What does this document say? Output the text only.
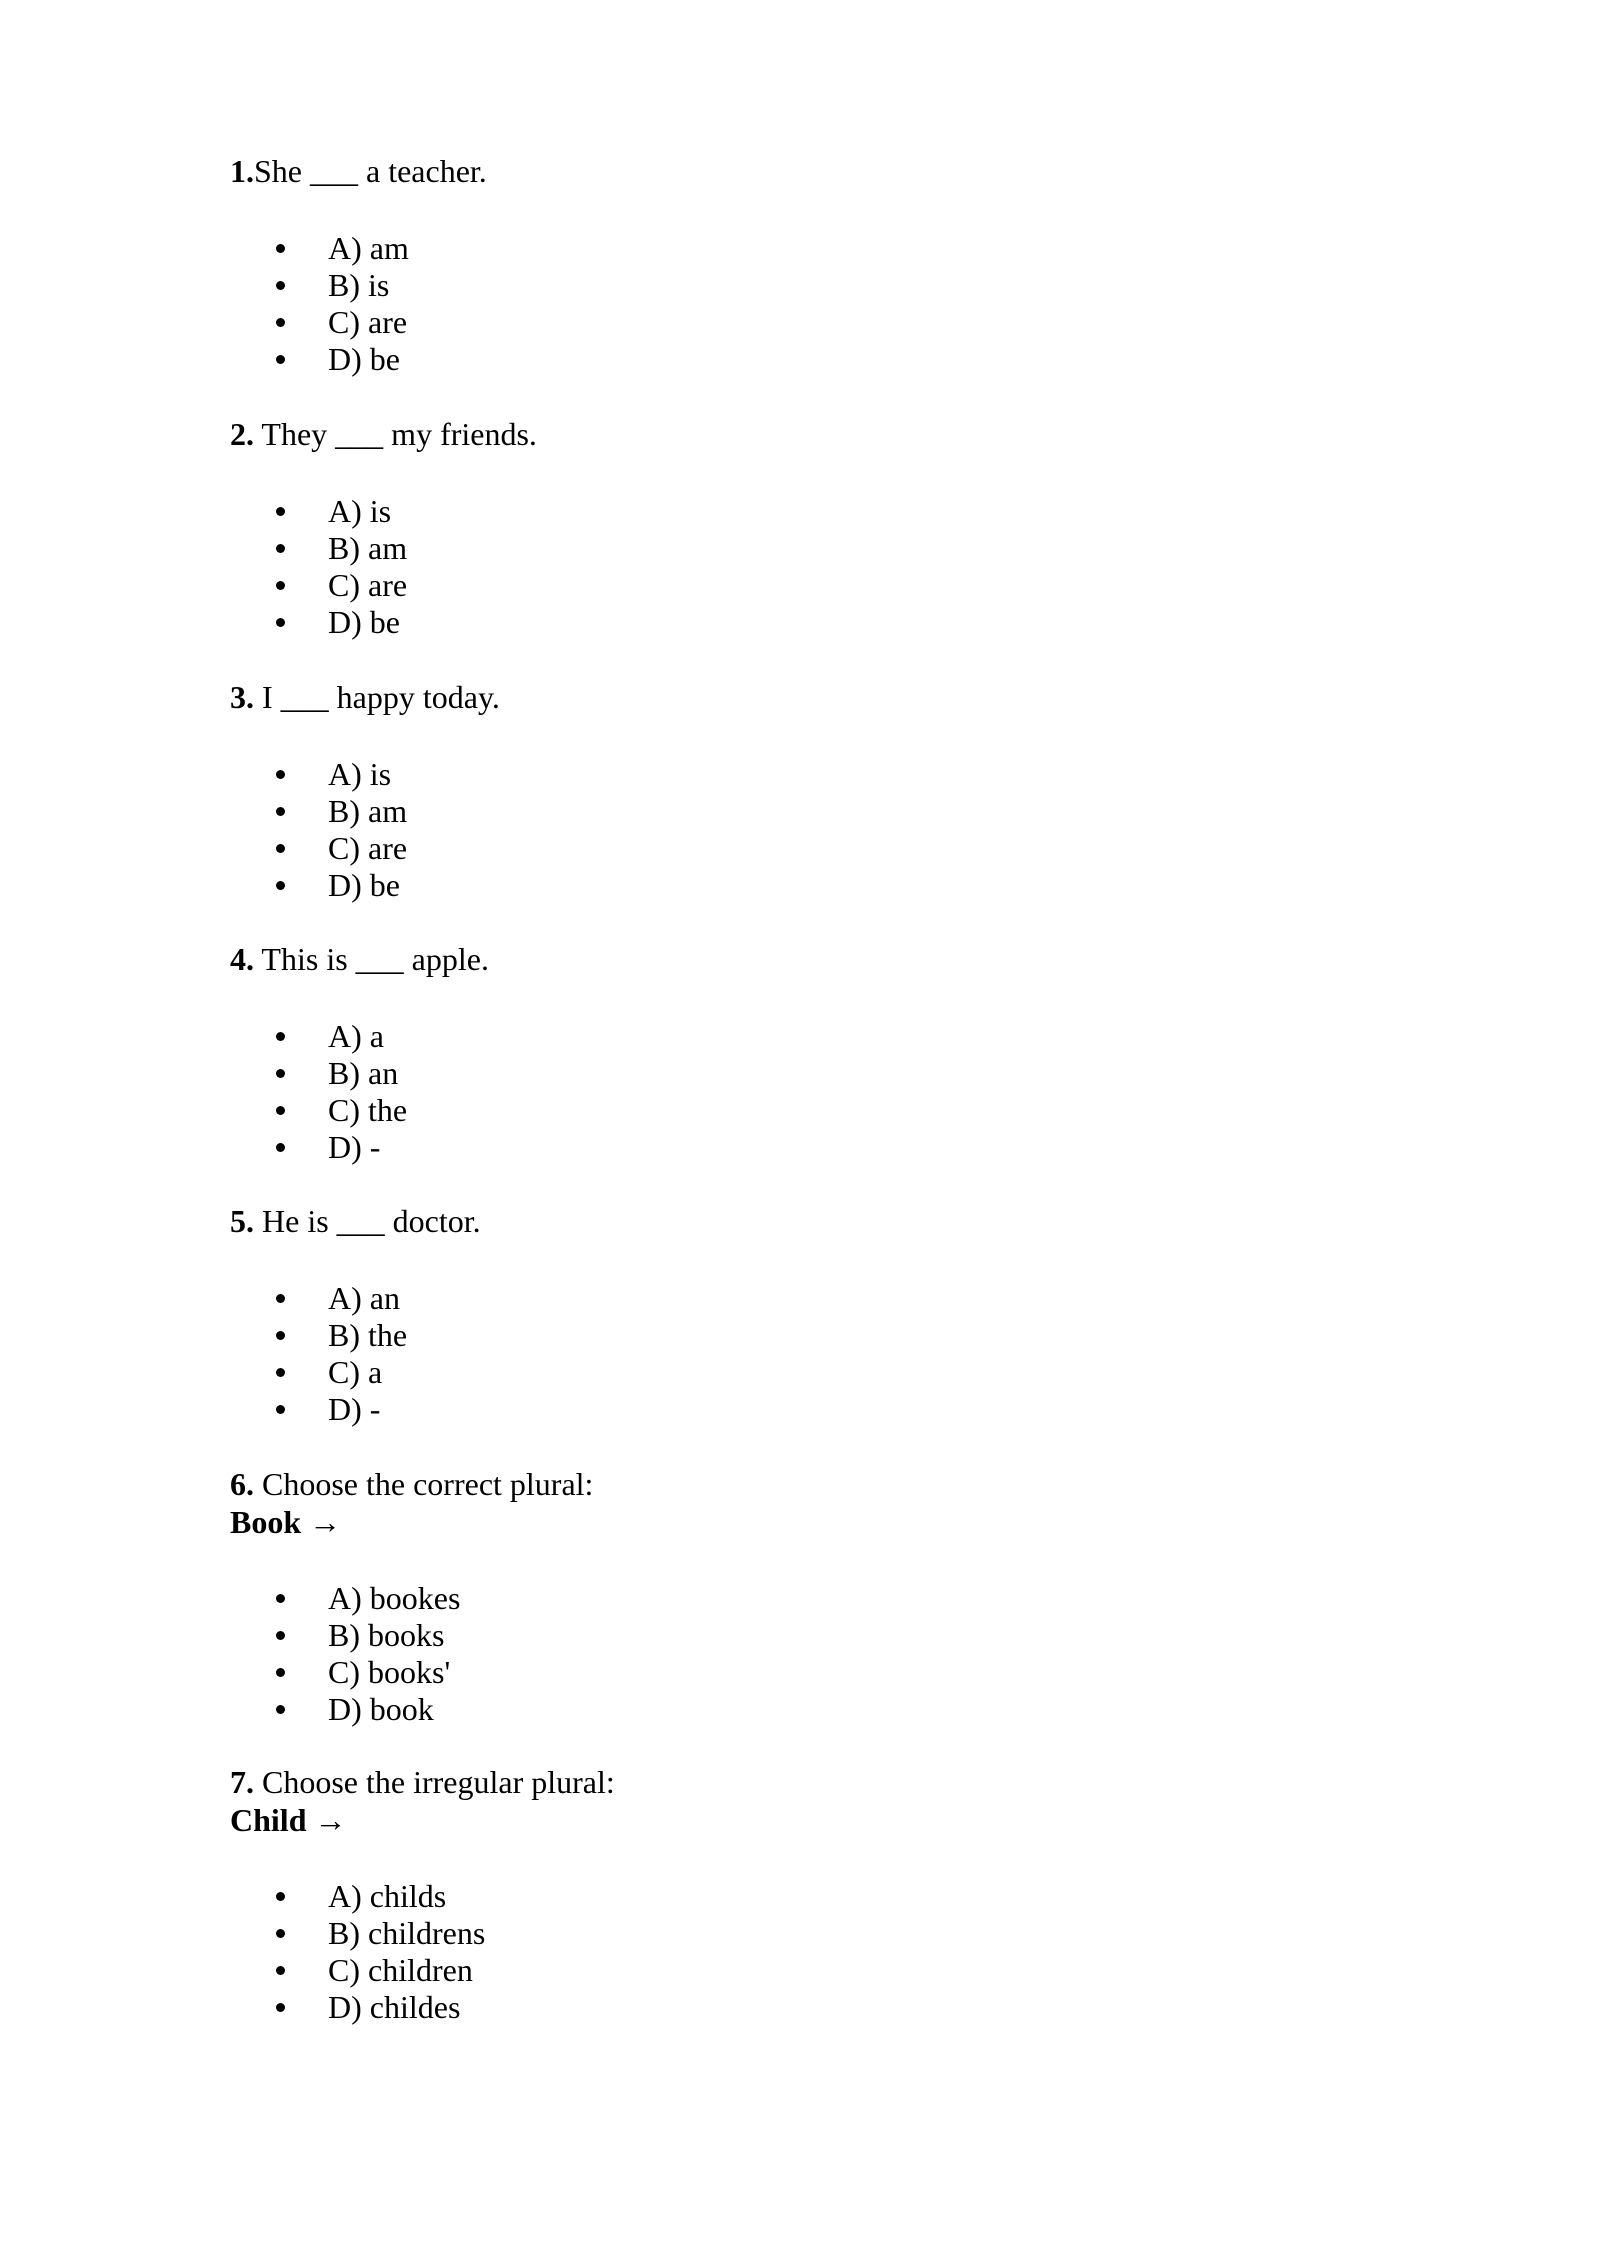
1.She ___ a teacher.
A) am
B) is
C) are
D) be
2. They ___ my friends.
A) is
B) am
C) are
D) be
3. I ___ happy today.
A) is
B) am
C) are
D) be
4. This is ___ apple.
A) a
B) an
C) the
D) -
5. He is ___ doctor.
A) an
B) the
C) a
D) -
6. Choose the correct plural:
Book →
A) bookes
B) books
C) books'
D) book
7. Choose the irregular plural:
Child →
A) childs
B) childrens
C) children
D) childes
